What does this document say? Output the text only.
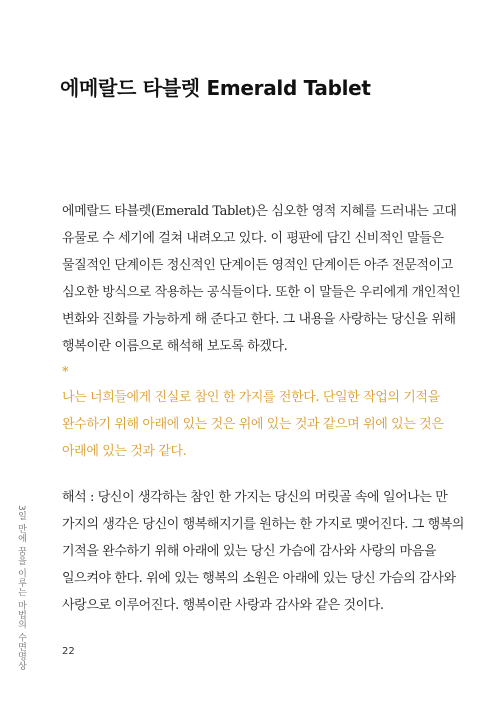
에메랄드 타블렛 Emerald Tablet

에메랄드 타블렛(Emerald Tablet)은 심오한 영적 지혜를 드러내는 고대
유물로 수 세기에 걸쳐 내려오고 있다. 이 평판에 담긴 신비적인 말들은
물질적인 단계이든 정신적인 단계이든 영적인 단계이든 아주 전문적이고
심오한 방식으로 작용하는 공식들이다. 또한 이 말들은 우리에게 개인적인
변화와 진화를 가능하게 해 준다고 한다. 그 내용을 사랑하는 당신을 위해
행복이란 이름으로 해석해 보도록 하겠다.

*

나는 너희들에게 진실로 참인 한 가지를 전한다. 단일한 작업의 기적을
완수하기 위해 아래에 있는 것은 위에 있는 것과 같으며 위에 있는 것은
아래에 있는 것과 같다.

해석 : 당신이 생각하는 참인 한 가지는 당신의 머릿골 속에 일어나는 만
가지의 생각은 당신이 행복해지기를 원하는 한 가지로 맺어진다. 그 행복의
기적을 완수하기 위해 아래에 있는 당신 가슴에 감사와 사랑의 마음을
일으켜야 한다. 위에 있는 행복의 소원은 아래에 있는 당신 가슴의 감사와
사랑으로 이루어진다. 행복이란 사랑과 감사와 같은 것이다.

3일 만에 꿈을 이루는 마법의 수면명상	22
